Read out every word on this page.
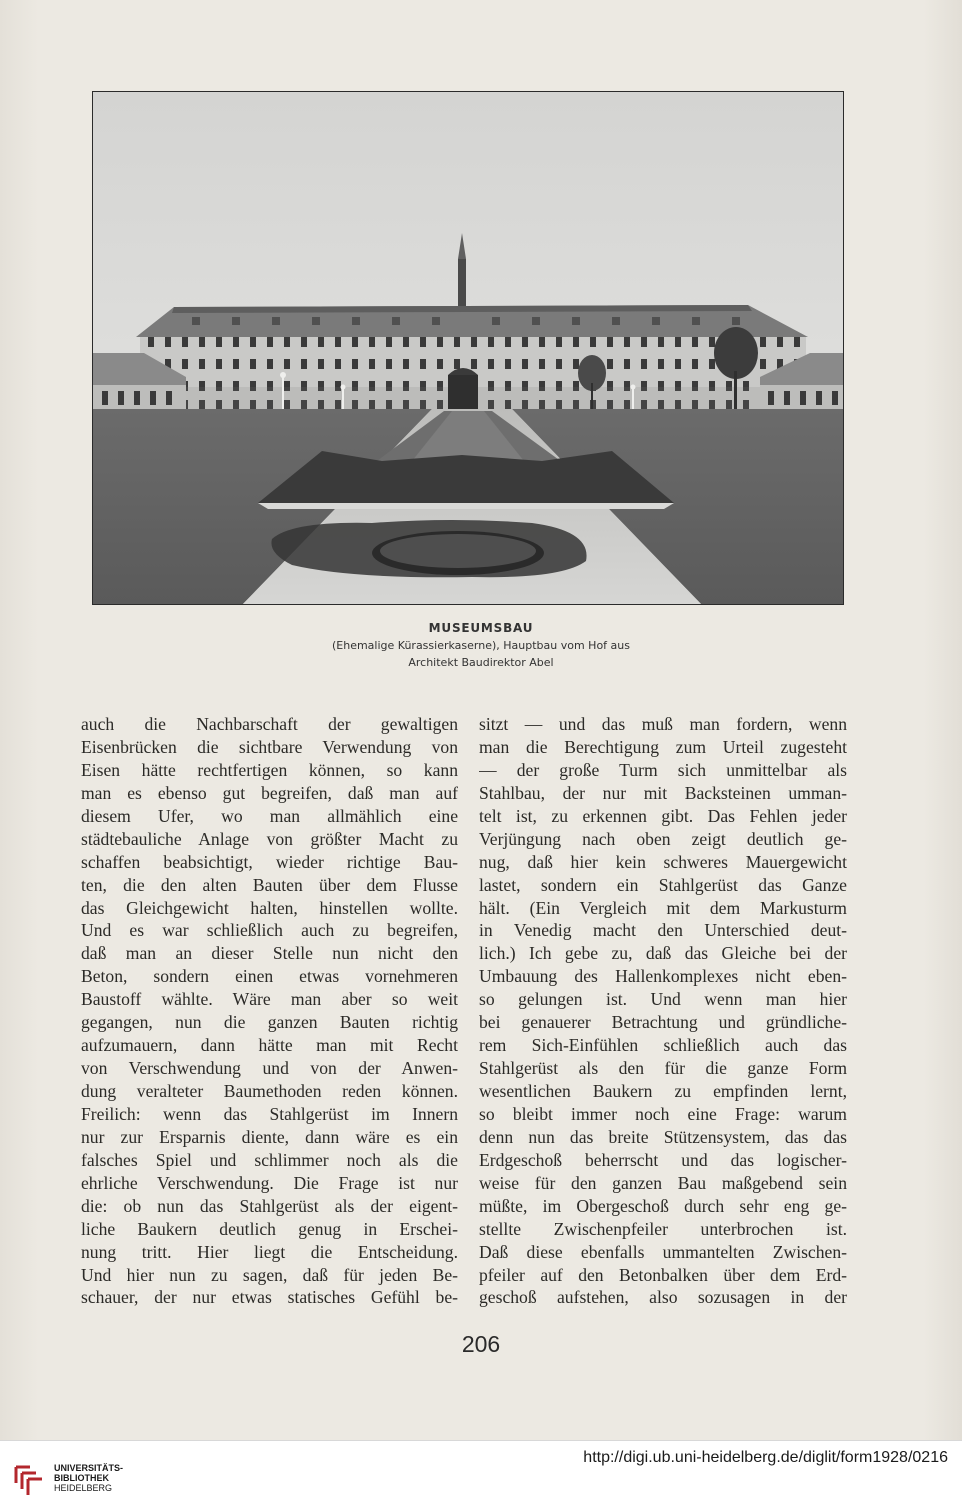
MUSEUMSBAU
(Ehemalige Kürassierkaserne), Hauptbau vom Hof aus
Architekt Baudirektor Abel
auch die Nachbarschaft der gewaltigen
Eisenbrücken die sichtbare Verwendung von
Eisen hätte rechtfertigen können, so kann
man es ebenso gut begreifen, daß man auf
diesem Ufer, wo man allmählich eine
städtebauliche Anlage von größter Macht zu
schaffen beabsichtigt, wieder richtige Bau-
ten, die den alten Bauten über dem Flusse
das Gleichgewicht halten, hinstellen wollte.
Und es war schließlich auch zu begreifen,
daß man an dieser Stelle nun nicht den
Beton, sondern einen etwas vornehmeren
Baustoff wählte. Wäre man aber so weit
gegangen, nun die ganzen Bauten richtig
aufzumauern, dann hätte man mit Recht
von Verschwendung und von der Anwen-
dung veralteter Baumethoden reden können.
Freilich: wenn das Stahlgerüst im Innern
nur zur Ersparnis diente, dann wäre es ein
falsches Spiel und schlimmer noch als die
ehrliche Verschwendung. Die Frage ist nur
die: ob nun das Stahlgerüst als der eigent-
liche Baukern deutlich genug in Erschei-
nung tritt. Hier liegt die Entscheidung.
Und hier nun zu sagen, daß für jeden Be-
schauer, der nur etwas statisches Gefühl be-
sitzt — und das muß man fordern, wenn
man die Berechtigung zum Urteil zugesteht
— der große Turm sich unmittelbar als
Stahlbau, der nur mit Backsteinen umman-
telt ist, zu erkennen gibt. Das Fehlen jeder
Verjüngung nach oben zeigt deutlich ge-
nug, daß hier kein schweres Mauergewicht
lastet, sondern ein Stahlgerüst das Ganze
hält. (Ein Vergleich mit dem Markusturm
in Venedig macht den Unterschied deut-
lich.) Ich gebe zu, daß das Gleiche bei der
Umbauung des Hallenkomplexes nicht eben-
so gelungen ist. Und wenn man hier
bei genauerer Betrachtung und gründliche-
rem Sich-Einfühlen schließlich auch das
Stahlgerüst als den für die ganze Form
wesentlichen Baukern zu empfinden lernt,
so bleibt immer noch eine Frage: warum
denn nun das breite Stützensystem, das das
Erdgeschoß beherrscht und das logischer-
weise für den ganzen Bau maßgebend sein
müßte, im Obergeschoß durch sehr eng ge-
stellte Zwischenpfeiler unterbrochen ist.
Daß diese ebenfalls ummantelten Zwischen-
pfeiler auf den Betonbalken über dem Erd-
geschoß aufstehen, also sozusagen in der
206
UNIVERSITÄTS-
BIBLIOTHEK
HEIDELBERG
http://digi.ub.uni-heidelberg.de/diglit/form1928/0216
